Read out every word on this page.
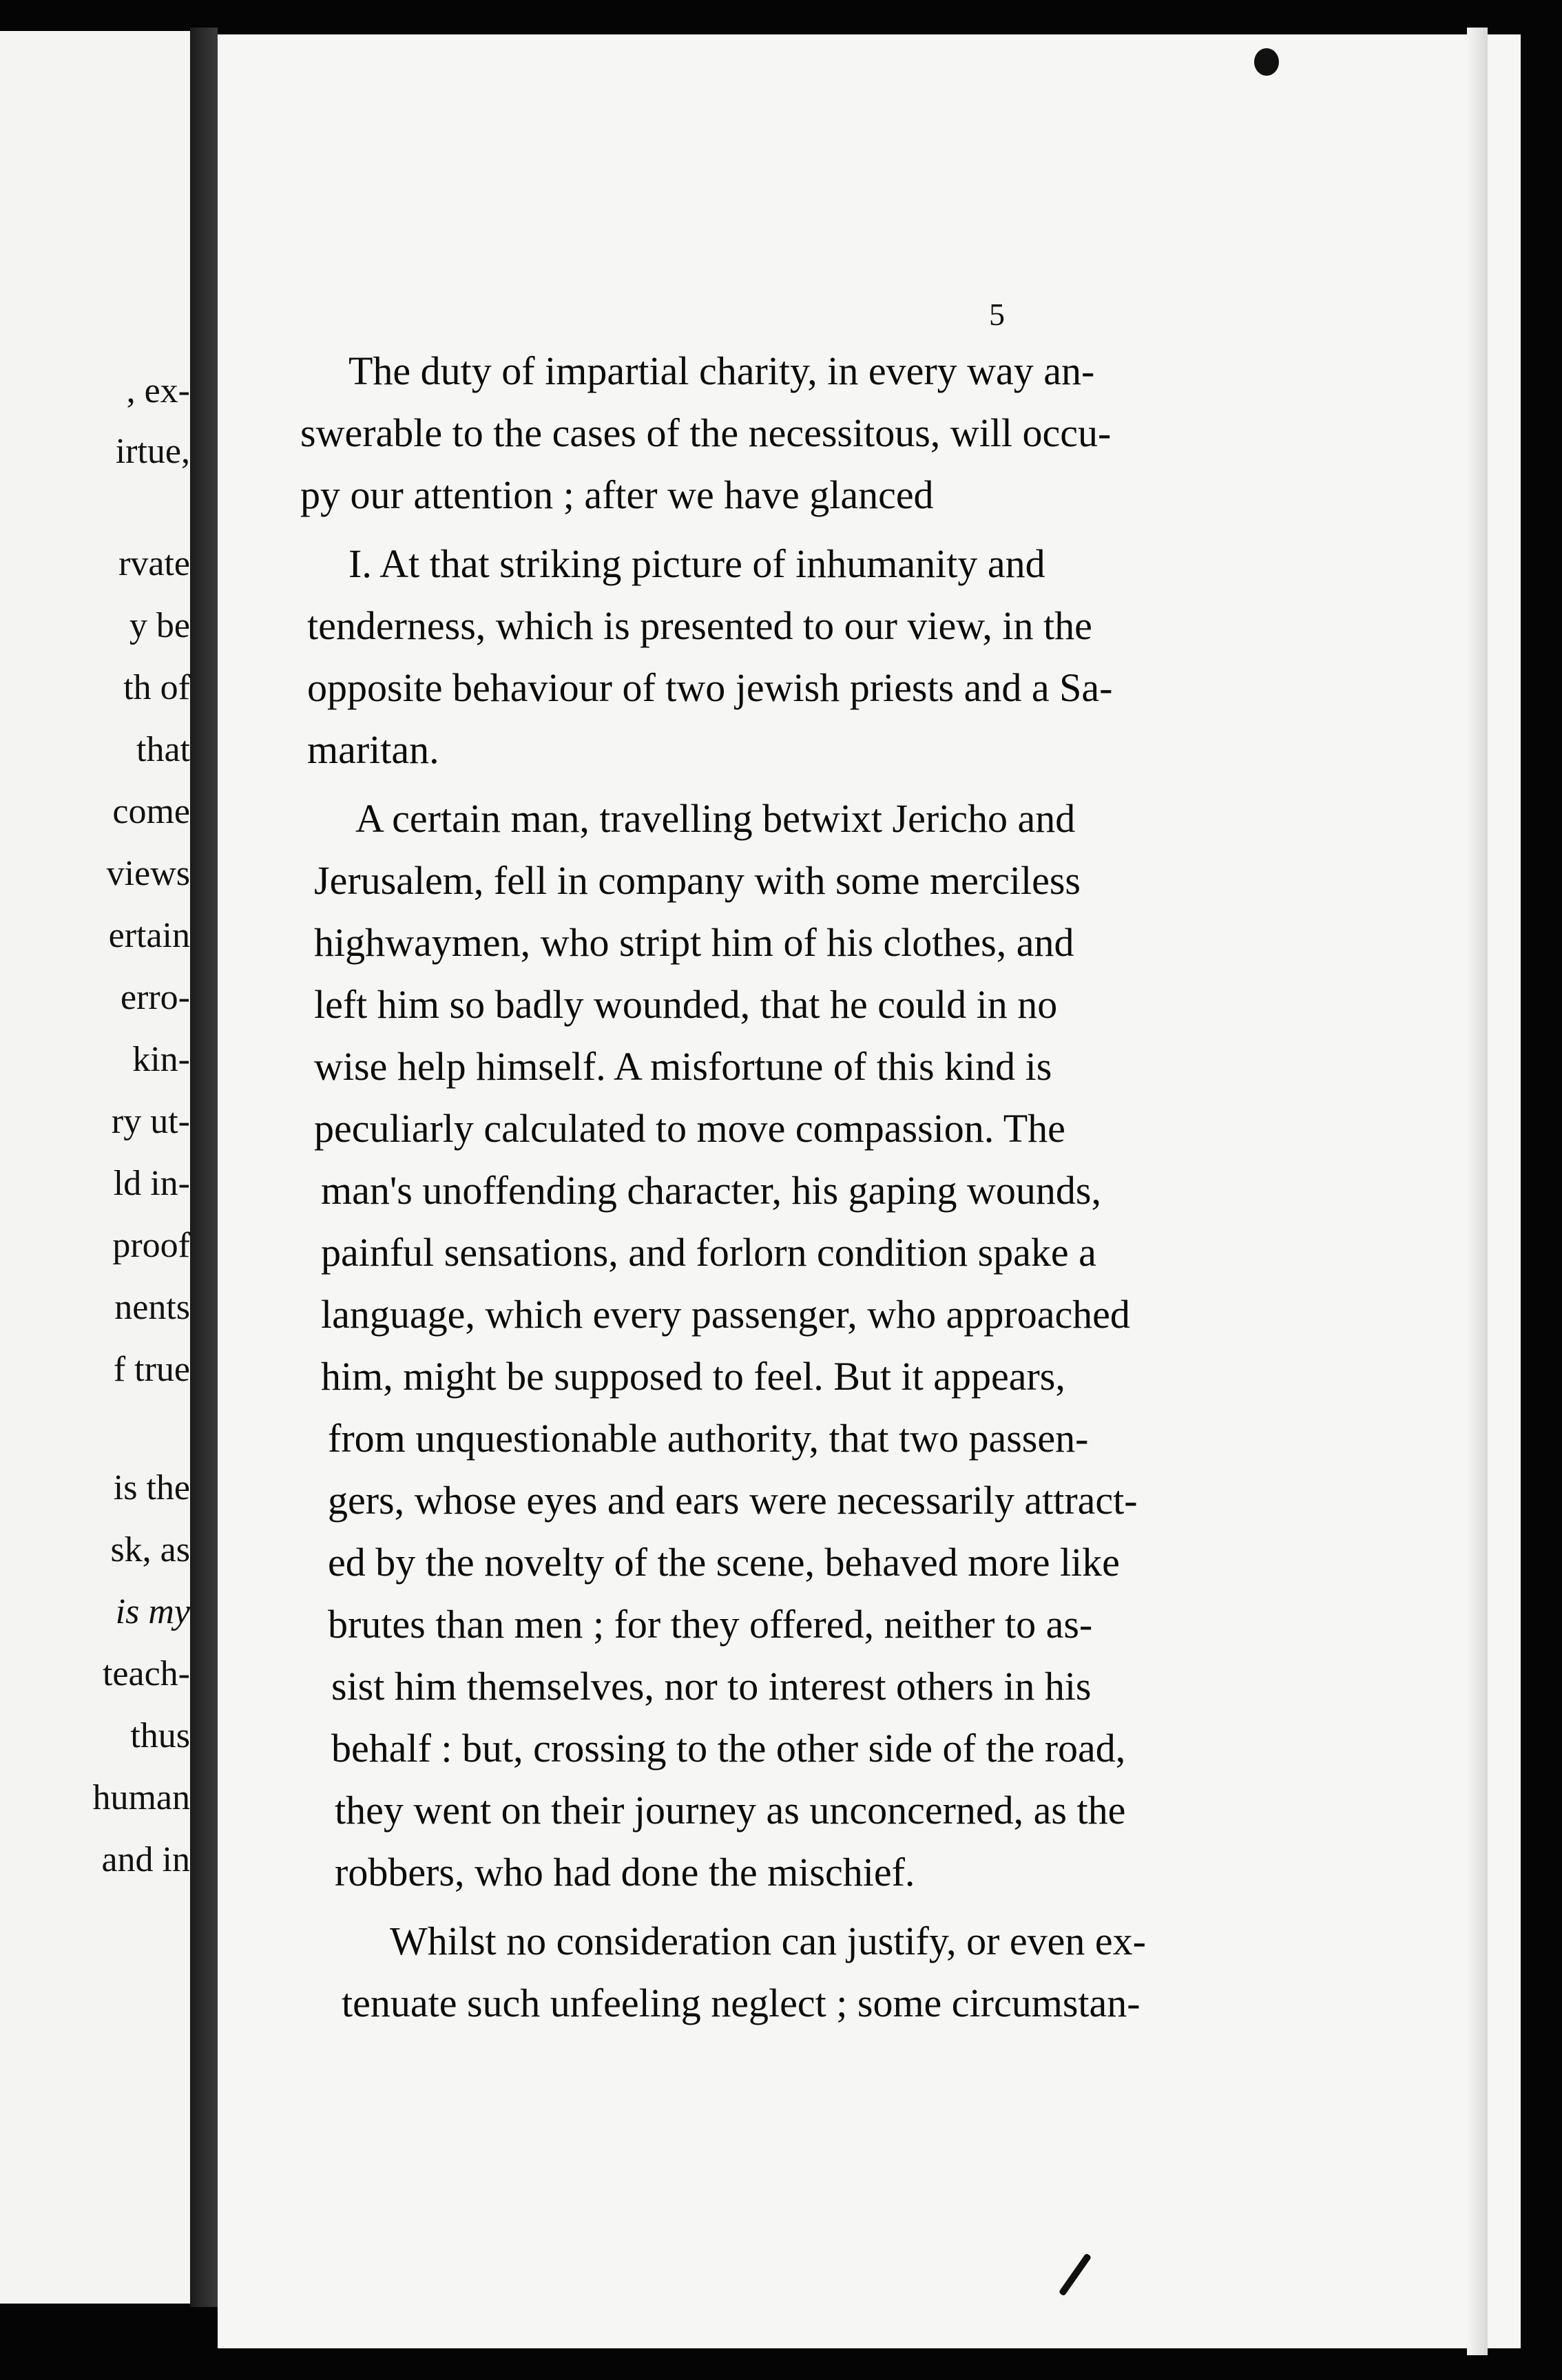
, ex-
irtue,
rvate
y be
th of
that
come
views
ertain
erro-
kin-
ry ut-
ld in-
proof
nents
f true
is the
sk, as
is my
teach-
thus
human
and in
5
The duty of impartial charity, in every way an-
swerable to the cases of the necessitous, will occu-
py our attention ; after we have glanced
I. At that striking picture of inhumanity and
tenderness, which is presented to our view, in the
opposite behaviour of two jewish priests and a Sa-
maritan.
A certain man, travelling betwixt Jericho and
Jerusalem, fell in company with some merciless
highwaymen, who stript him of his clothes, and
left him so badly wounded, that he could in no
wise help himself. A misfortune of this kind is
peculiarly calculated to move compassion. The
man's unoffending character, his gaping wounds,
painful sensations, and forlorn condition spake a
language, which every passenger, who approached
him, might be supposed to feel. But it appears,
from unquestionable authority, that two passen-
gers, whose eyes and ears were necessarily attract-
ed by the novelty of the scene, behaved more like
brutes than men ; for they offered, neither to as-
sist him themselves, nor to interest others in his
behalf : but, crossing to the other side of the road,
they went on their journey as unconcerned, as the
robbers, who had done the mischief.
Whilst no consideration can justify, or even ex-
tenuate such unfeeling neglect ; some circumstan-
